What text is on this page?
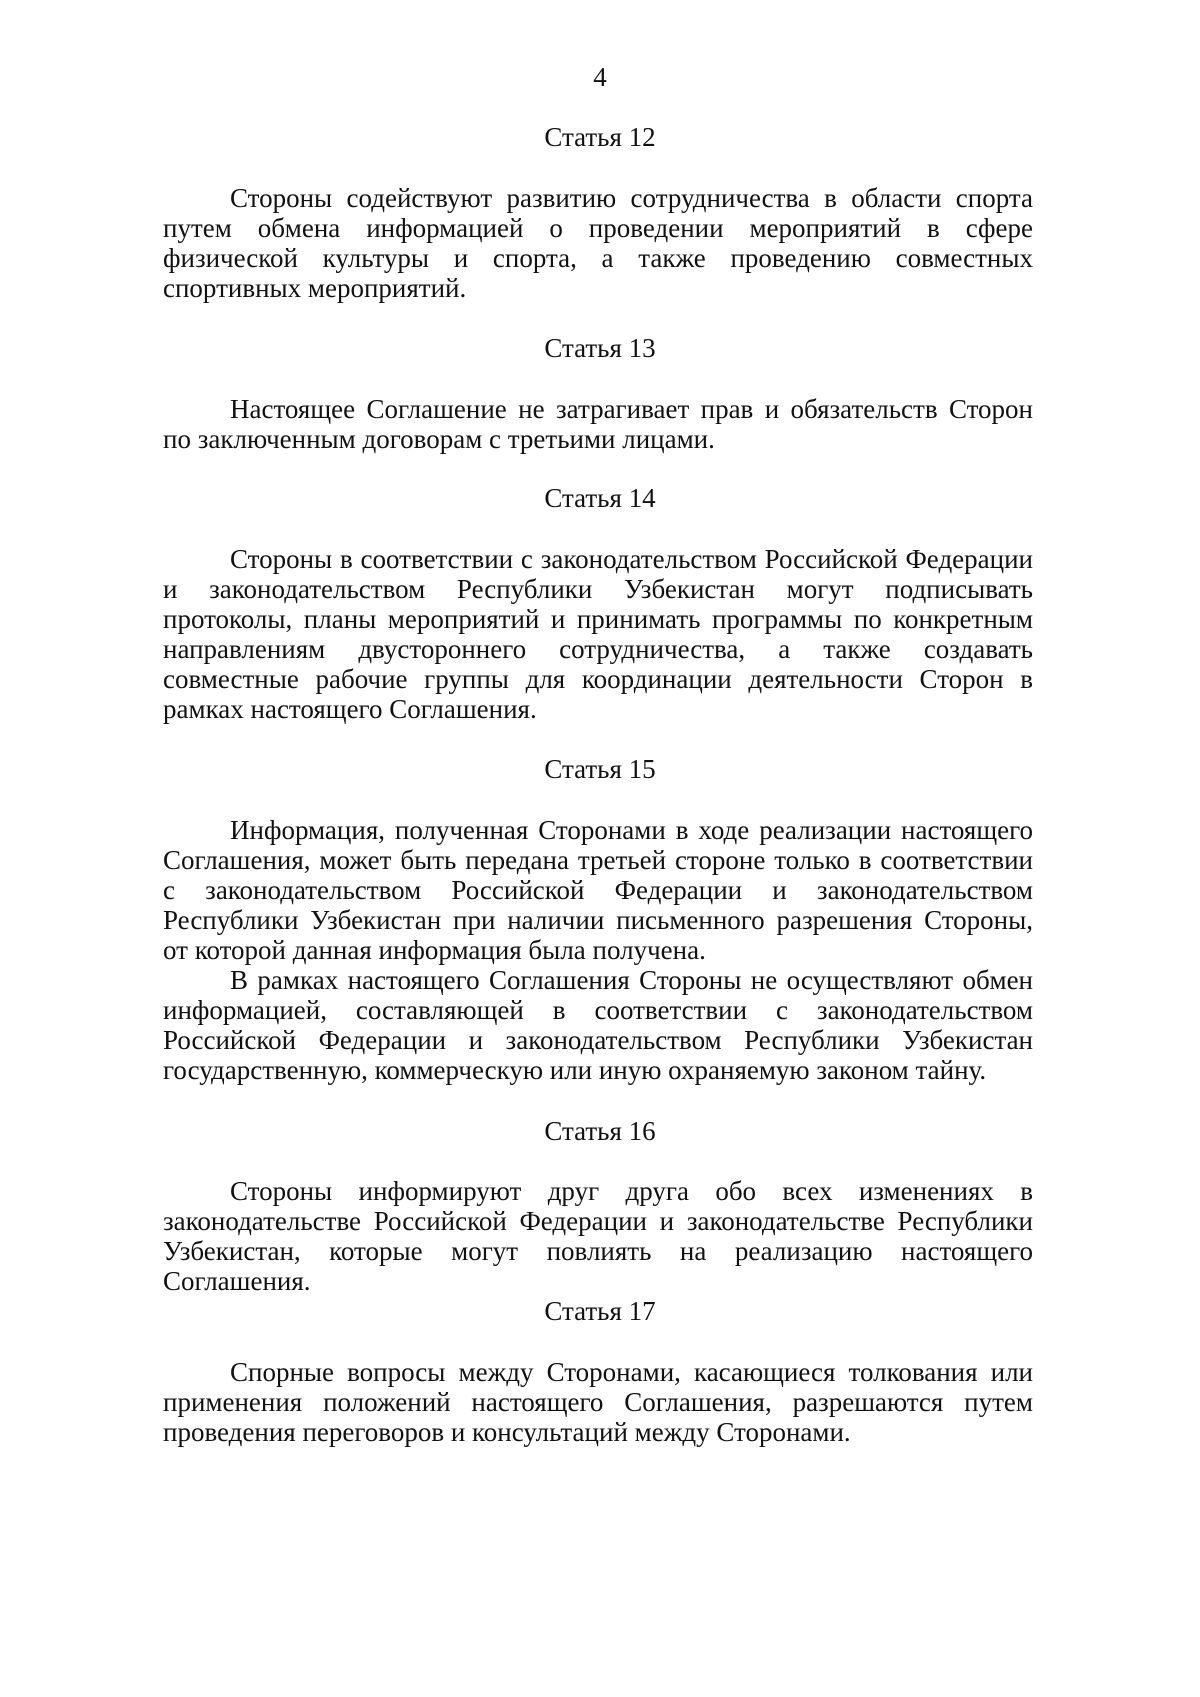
4
Статья 12

Стороны содействуют развитию сотрудничества в области спорта путем обмена информацией о проведении мероприятий в сфере физической культуры и спорта, а также проведению совместных спортивных мероприятий.

Статья 13

Настоящее Соглашение не затрагивает прав и обязательств Сторон по заключенным договорам с третьими лицами.

Статья 14

Стороны в соответствии с законодательством Российской Федерации и законодательством Республики Узбекистан могут подписывать протоколы, планы мероприятий и принимать программы по конкретным направлениям двустороннего сотрудничества, а также создавать совместные рабочие группы для координации деятельности Сторон в рамках настоящего Соглашения.

Статья 15

Информация, полученная Сторонами в ходе реализации настоящего Соглашения, может быть передана третьей стороне только в соответствии с законодательством Российской Федерации и законодательством Республики Узбекистан при наличии письменного разрешения Стороны, от которой данная информация была получена.

В рамках настоящего Соглашения Стороны не осуществляют обмен информацией, составляющей в соответствии с законодательством Российской Федерации и законодательством Республики Узбекистан государственную, коммерческую или иную охраняемую законом тайну.

Статья 16

Стороны информируют друг друга обо всех изменениях в законодательстве Российской Федерации и законодательстве Республики Узбекистан, которые могут повлиять на реализацию настоящего Соглашения.

Статья 17

Спорные вопросы между Сторонами, касающиеся толкования или применения положений настоящего Соглашения, разрешаются путем проведения переговоров и консультаций между Сторонами.
